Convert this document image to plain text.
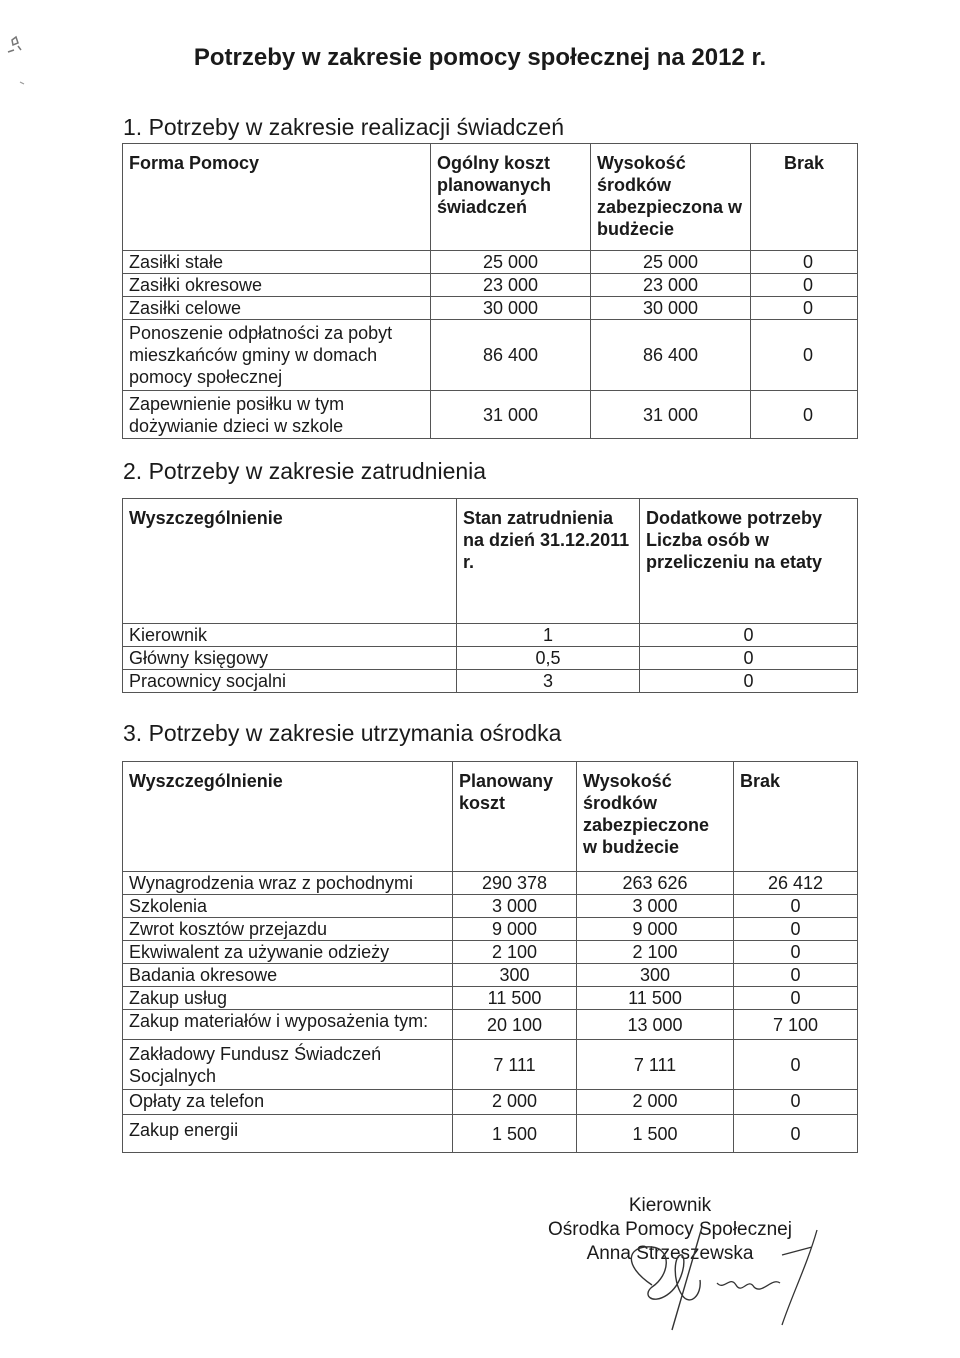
Potrzeby w zakresie pomocy społecznej na 2012 r.
1. Potrzeby w zakresie realizacji świadczeń
Forma Pomocy	Ogólny koszt planowanych świadczeń	Wysokość środków zabezpieczona w budżecie	Brak
Zasiłki stałe	25 000	25 000	0
Zasiłki okresowe	23 000	23 000	0
Zasiłki celowe	30 000	30 000	0
Ponoszenie odpłatności za pobyt mieszkańców gminy w domach pomocy społecznej	86 400	86 400	0
Zapewnienie posiłku w tym dożywianie dzieci w szkole	31 000	31 000	0
2. Potrzeby w zakresie zatrudnienia
Wyszczególnienie	Stan zatrudnienia na dzień 31.12.2011 r.	Dodatkowe potrzeby Liczba osób w przeliczeniu na etaty
Kierownik	1	0
Główny księgowy	0,5	0
Pracownicy socjalni	3	0
3. Potrzeby w zakresie utrzymania ośrodka
Wyszczególnienie	Planowany koszt	Wysokość środków zabezpieczone w budżecie	Brak
Wynagrodzenia wraz z pochodnymi	290 378	263 626	26 412
Szkolenia	3 000	3 000	0
Zwrot kosztów przejazdu	9 000	9 000	0
Ekwiwalent za używanie odzieży	2 100	2 100	0
Badania okresowe	300	300	0
Zakup usług	11 500	11 500	0
Zakup materiałów i wyposażenia tym:	20 100	13 000	7 100
Zakładowy Fundusz Świadczeń Socjalnych	7 111	7 111	0
Opłaty za telefon	2 000	2 000	0
Zakup energii	1 500	1 500	0
Kierownik
Ośrodka Pomocy Społecznej
Anna Strzeszewska
